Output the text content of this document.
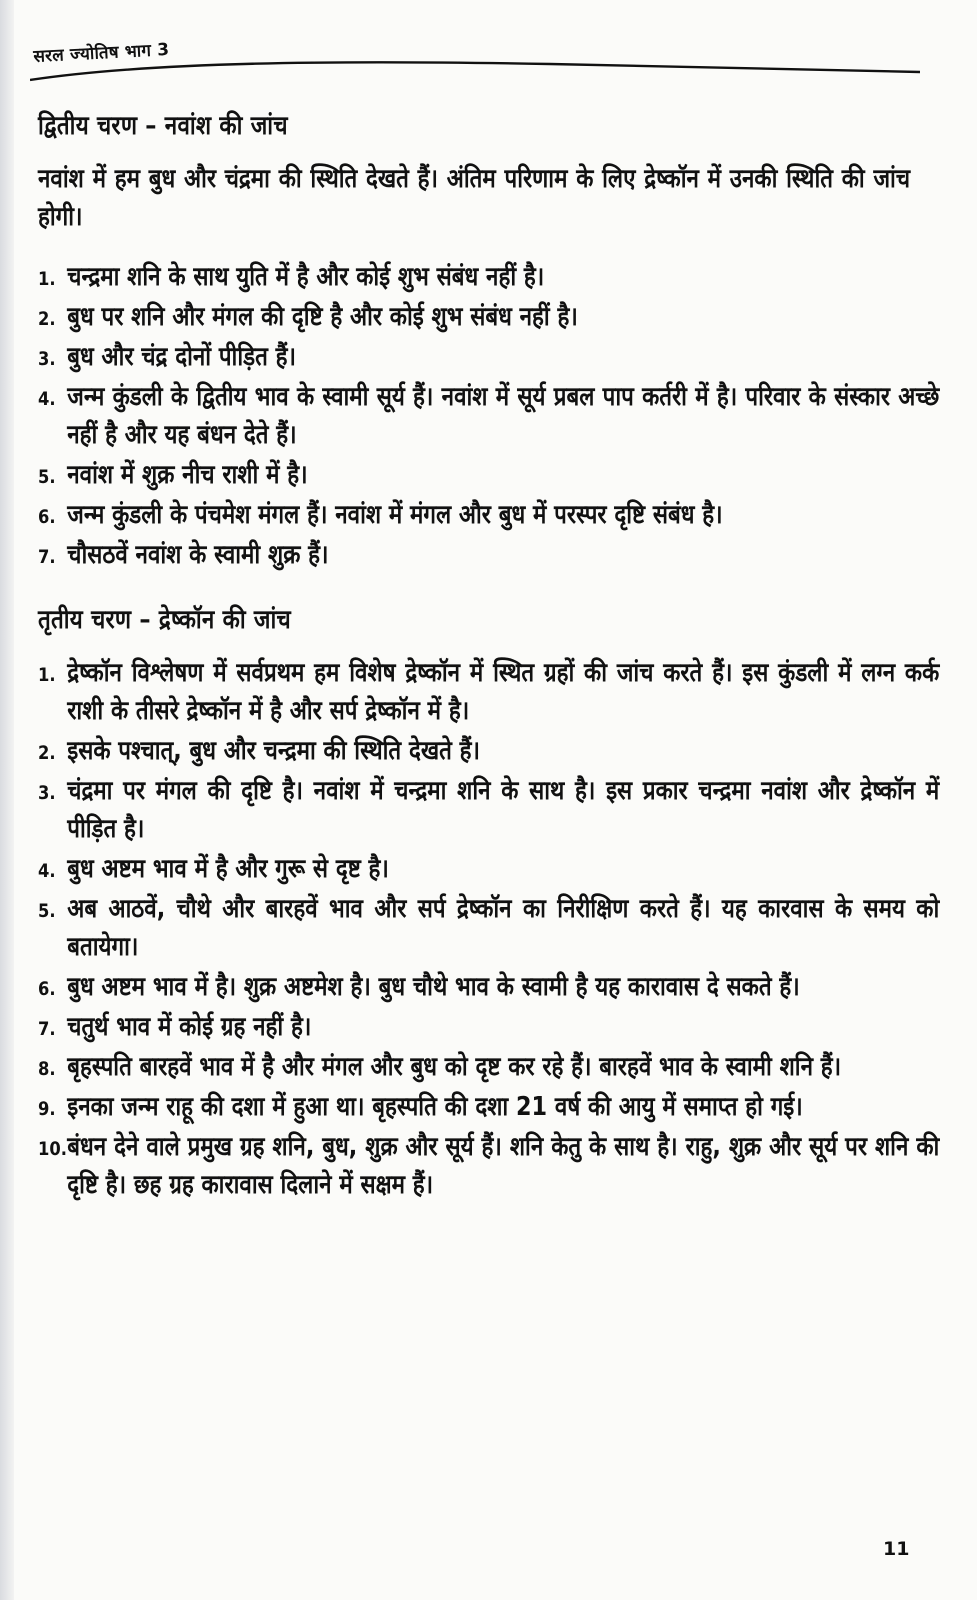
सरल ज्योतिष भाग 3
द्वितीय चरण – नवांश की जांच

नवांश में हम बुध और चंद्रमा की स्थिति देखते हैं। अंतिम परिणाम के लिए द्रेष्कॉन में उनकी स्थिति की जांच होगी।

1. चन्द्रमा शनि के साथ युति में है और कोई शुभ संबंध नहीं है।
2. बुध पर शनि और मंगल की दृष्टि है और कोई शुभ संबंध नहीं है।
3. बुध और चंद्र दोनों पीड़ित हैं।
4. जन्म कुंडली के द्वितीय भाव के स्वामी सूर्य हैं। नवांश में सूर्य प्रबल पाप कर्तरी में है। परिवार के संस्कार अच्छे नहीं है और यह बंधन देते हैं।
5. नवांश में शुक्र नीच राशी में है।
6. जन्म कुंडली के पंचमेश मंगल हैं। नवांश में मंगल और बुध में परस्पर दृष्टि संबंध है।
7. चौसठवें नवांश के स्वामी शुक्र हैं।
तृतीय चरण – द्रेष्कॉन की जांच
1. द्रेष्कॉन विश्लेषण में सर्वप्रथम हम विशेष द्रेष्कॉन में स्थित ग्रहों की जांच करते हैं। इस कुंडली में लग्न कर्क राशी के तीसरे द्रेष्कॉन में है और सर्प द्रेष्कॉन में है।
2. इसके पश्चात्, बुध और चन्द्रमा की स्थिति देखते हैं।
3. चंद्रमा पर मंगल की दृष्टि है। नवांश में चन्द्रमा शनि के साथ है। इस प्रकार चन्द्रमा नवांश और द्रेष्कॉन में पीड़ित है।
4. बुध अष्टम भाव में है और गुरू से दृष्ट है।
5. अब आठवें, चौथे और बारहवें भाव और सर्प द्रेष्कॉन का निरीक्षिण करते हैं। यह कारवास के समय को बतायेगा।
6. बुध अष्टम भाव में है। शुक्र अष्टमेश है। बुध चौथे भाव के स्वामी है यह कारावास दे सकते हैं।
7. चतुर्थ भाव में कोई ग्रह नहीं है।
8. बृहस्पति बारहवें भाव में है और मंगल और बुध को दृष्ट कर रहे हैं। बारहवें भाव के स्वामी शनि हैं।
9. इनका जन्म राहू की दशा में हुआ था। बृहस्पति की दशा 21 वर्ष की आयु में समाप्त हो गई।
10. बंधन देने वाले प्रमुख ग्रह शनि, बुध, शुक्र और सूर्य हैं। शनि केतु के साथ है। राहु, शुक्र और सूर्य पर शनि की दृष्टि है। छह ग्रह कारावास दिलाने में सक्षम हैं।
11
